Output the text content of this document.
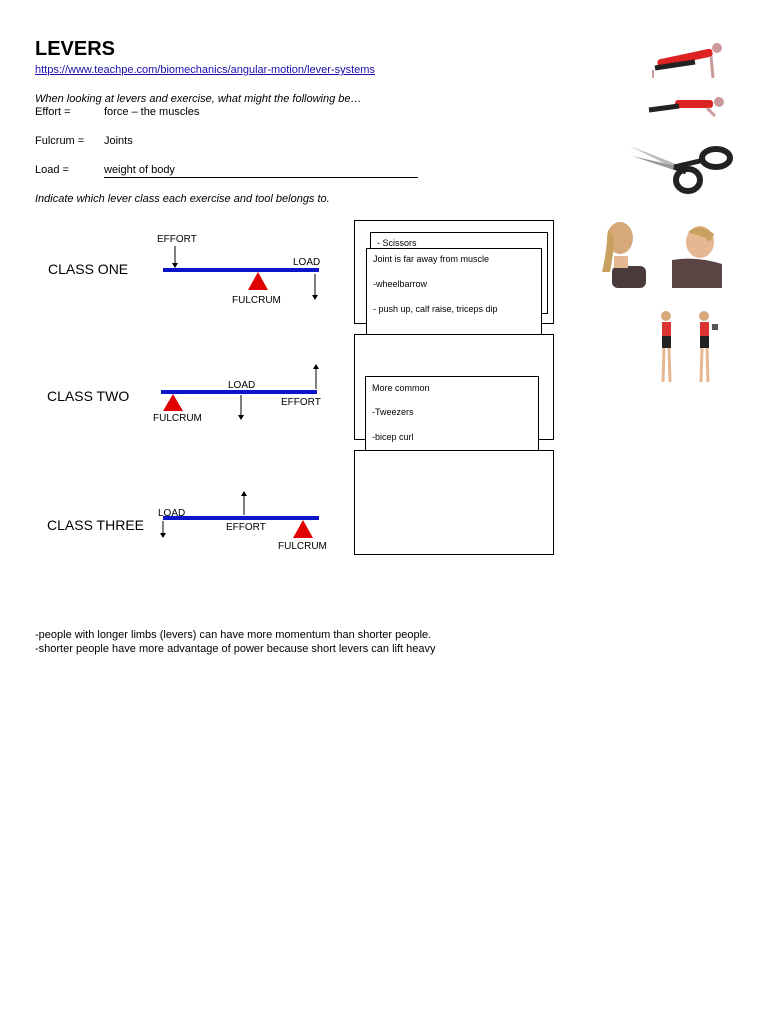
LEVERS
https://www.teachpe.com/biomechanics/angular-motion/lever-systems
When looking at levers and exercise, what might the following be…
Effort =	force – the muscles
Fulcrum = Joints
Load =	weight of body
Indicate which lever class each exercise and tool belongs to.
CLASS ONE
EFFORT
LOAD
FULCRUM
CLASS TWO
FULCRUM
LOAD
EFFORT
CLASS THREE
LOAD
EFFORT
FULCRUM
- Scissors
Joint is far away from muscle
-wheelbarrow
- push up, calf raise, triceps dip
More common
-Tweezers
-bicep curl
-people with longer limbs (levers) can have more momentum than shorter people.
-shorter people have more advantage of power because short levers can lift heavy
